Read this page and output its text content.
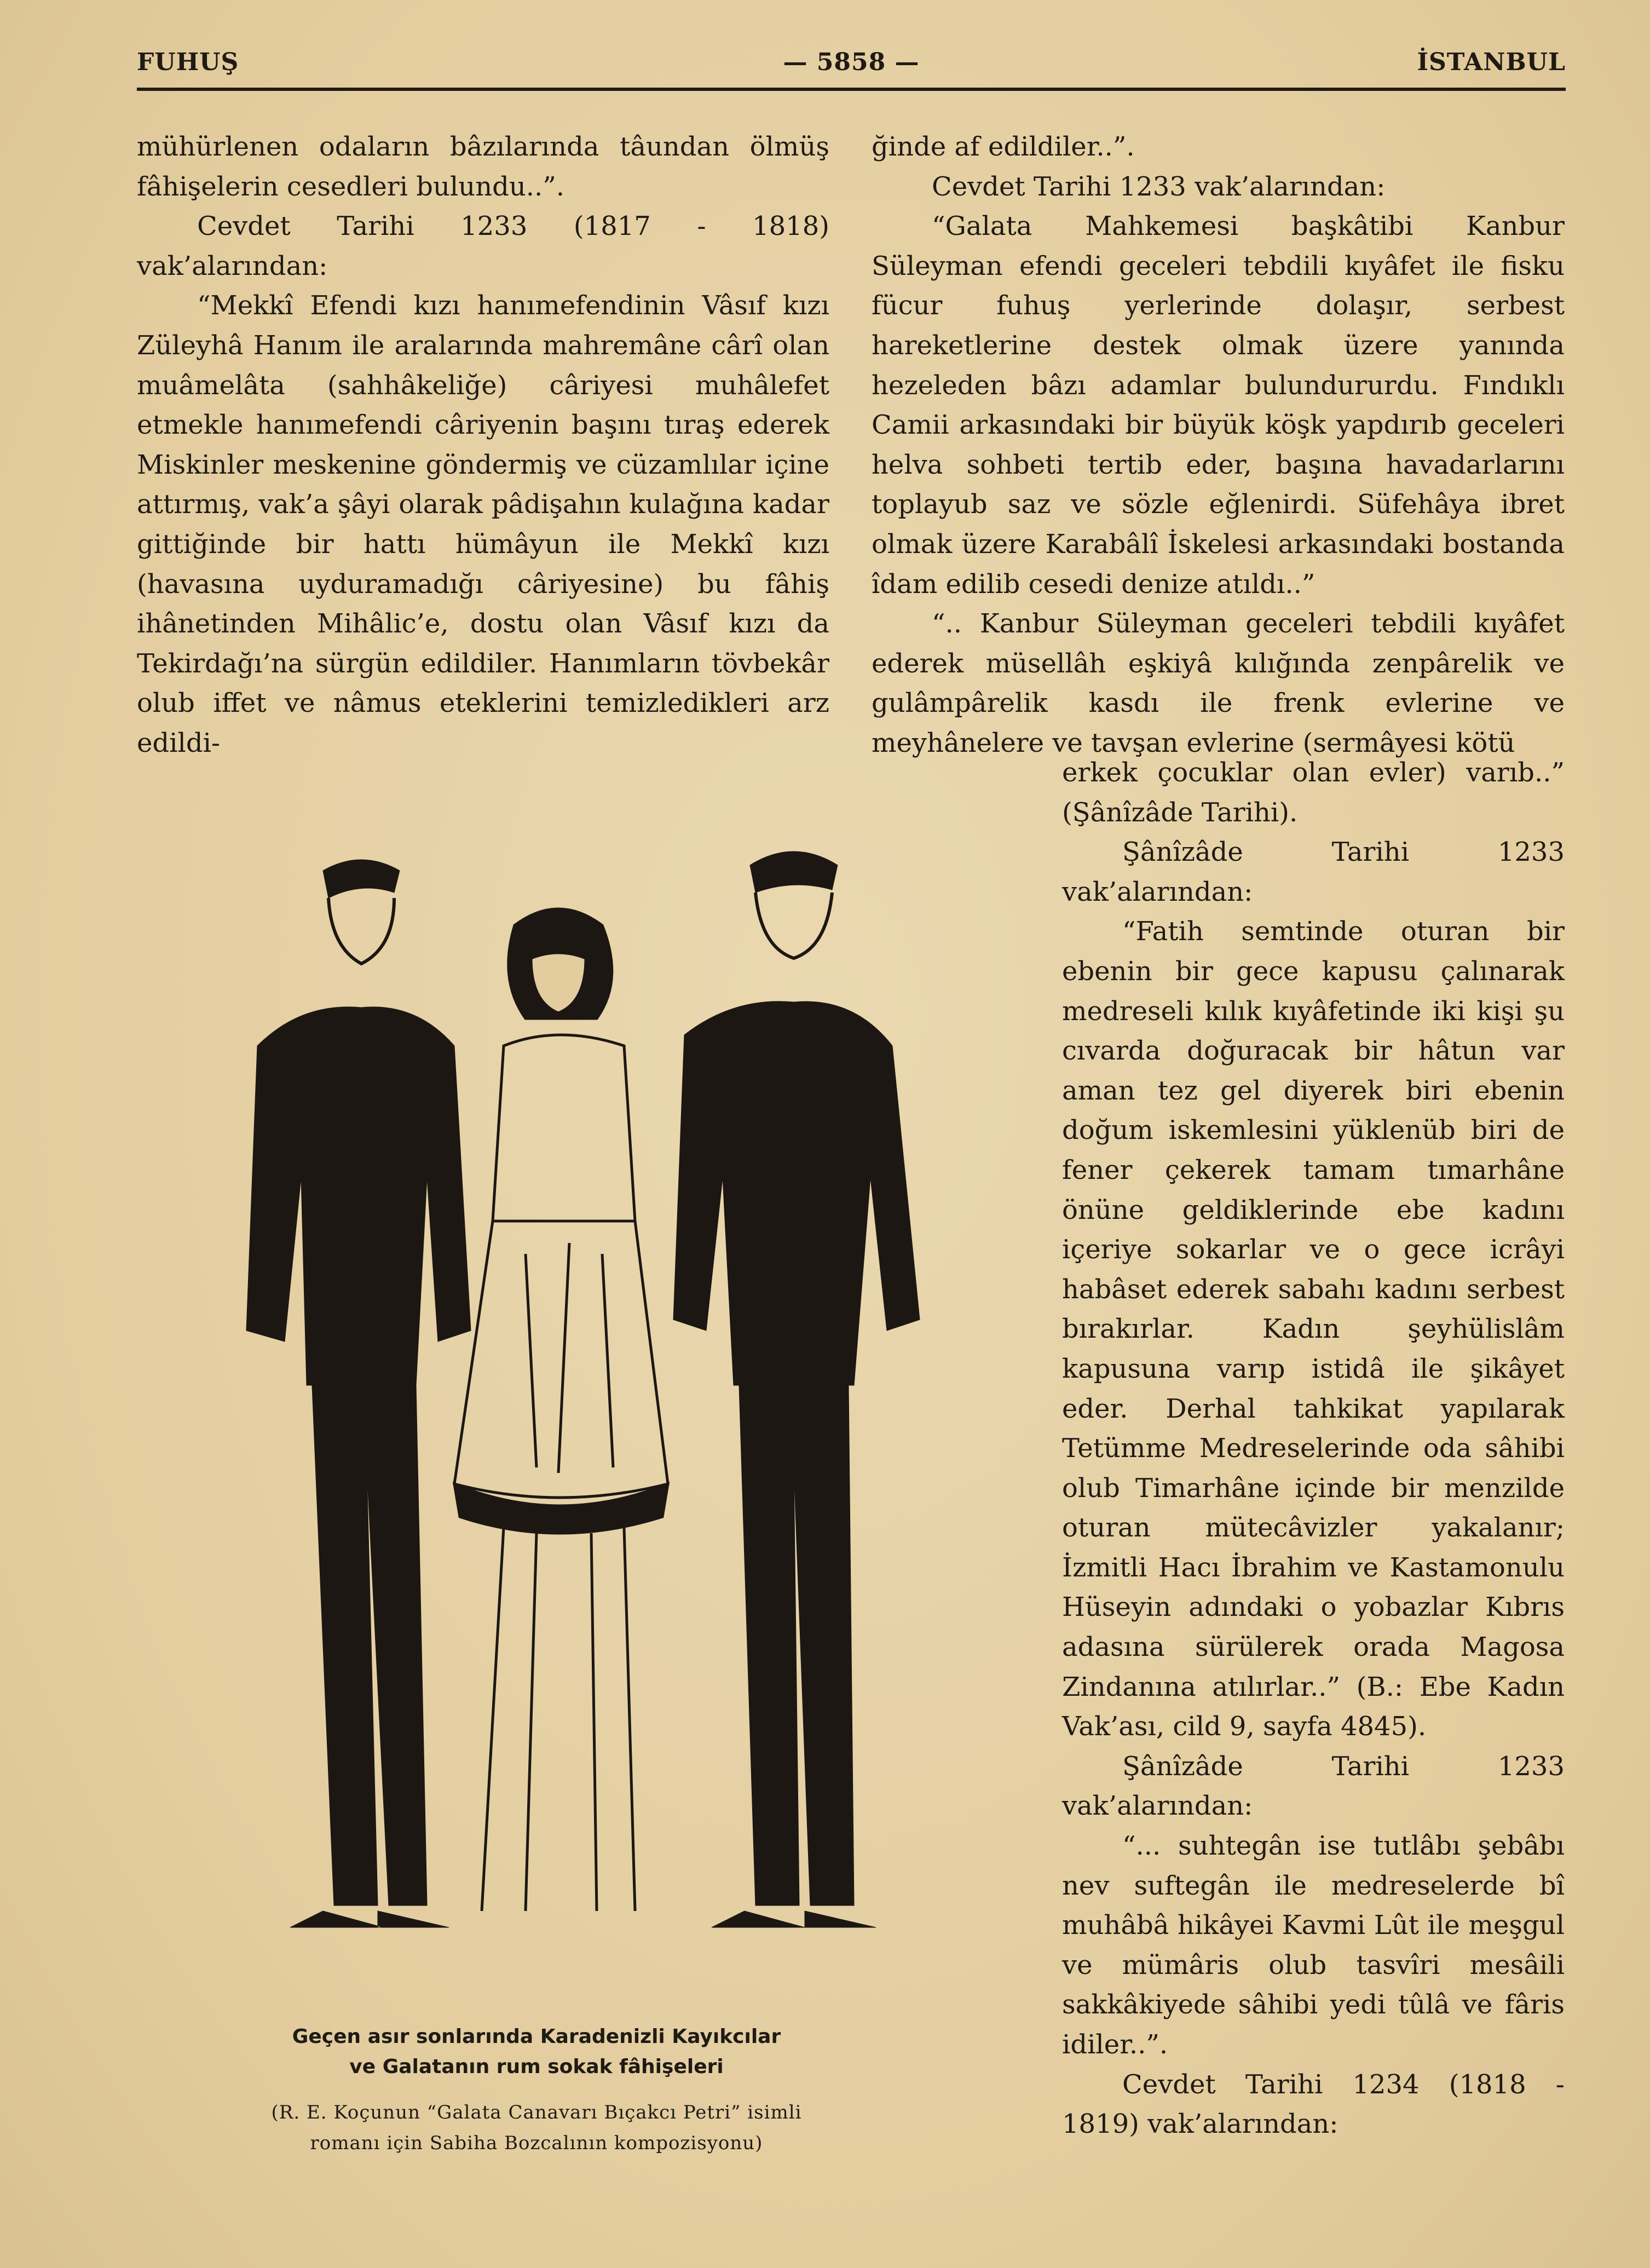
FUHUŞ	— 5858 —	İSTANBUL

mühürlenen odaların bâzılarında tâundan ölmüş fâhişelerin cesedleri bulundu..”.

Cevdet Tarihi 1233 (1817 - 1818) vak’alarından:

“Mekkî Efendi kızı hanımefendinin Vâsıf kızı Züleyhâ Hanım ile aralarında mahremâne cârî olan muâmelâta (sahhâkeliğe) câriyesi muhâlefet etmekle hanımefendi câriyenin başını tıraş ederek Miskinler meskenine göndermiş ve cüzamlılar içine attırmış, vak’a şâyi olarak pâdişahın kulağına kadar gittiğinde bir hattı hümâyun ile Mekkî kızı (havasına uyduramadığı câriyesine) bu fâhiş ihânetinden Mihâlic’e, dostu olan Vâsıf kızı da Tekirdağı’na sürgün edildiler. Hanımların tövbekâr olub iffet ve nâmus eteklerini temizledikleri arz edildi-

ğinde af edildiler..”.

Cevdet Tarihi 1233 vak’alarından:

“Galata Mahkemesi başkâtibi Kanbur Süleyman efendi geceleri tebdili kıyâfet ile fisku fücur fuhuş yerlerinde dolaşır, serbest hareketlerine destek olmak üzere yanında hezeleden bâzı adamlar bulundururdu. Fındıklı Camii arkasındaki bir büyük köşk yapdırıb geceleri helva sohbeti tertib eder, başına havadarlarını toplayub saz ve sözle eğlenirdi. Süfehâya ibret olmak üzere Karabâlî İskelesi arkasındaki bostanda îdam edilib cesedi denize atıldı..”

“.. Kanbur Süleyman geceleri tebdili kıyâfet ederek müsellâh eşkiyâ kılığında zenpârelik ve gulâmpârelik kasdı ile frenk evlerine ve meyhânelere ve tavşan evlerine (sermâyesi kötü

erkek çocuklar olan evler) varıb..” (Şânîzâde Tarihi).

Şânîzâde Tarihi 1233 vak’alarından:

“Fatih semtinde oturan bir ebenin bir gece kapusu çalınarak medreseli kılık kıyâfetinde iki kişi şu cıvarda doğuracak bir hâtun var aman tez gel diyerek biri ebenin doğum iskemlesini yüklenüb biri de fener çekerek tamam tımarhâne önüne geldiklerinde ebe kadını içeriye sokarlar ve o gece icrâyi habâset ederek sabahı kadını serbest bırakırlar. Kadın şeyhülislâm kapusuna varıp istidâ ile şikâyet eder. Derhal tahkikat yapılarak Tetümme Medreselerinde oda sâhibi olub Timarhâne içinde bir menzilde oturan mütecâvizler yakalanır; İzmitli Hacı İbrahim ve Kastamonulu Hüseyin adındaki o yobazlar Kıbrıs adasına sürülerek orada Magosa Zindanına atılırlar..” (B.: Ebe Kadın Vak’ası, cild 9, sayfa 4845).

Şânîzâde Tarihi 1233 vak’alarından:

“... suhtegân ise tutlâbı şebâbı nev suftegân ile medreselerde bî muhâbâ hikâyei Kavmi Lût ile meşgul ve mümâris olub tasvîri mesâili sakkâkiyede sâhibi yedi tûlâ ve fâris idiler..”.

Cevdet Tarihi 1234 (1818 - 1819) vak’alarından:

Geçen asır sonlarında Karadenizli Kayıkcılar
ve Galatanın rum sokak fâhişeleri
(R. E. Koçunun “Galata Canavarı Bıçakcı Petri” isimli
romanı için Sabiha Bozcalının kompozisyonu)
